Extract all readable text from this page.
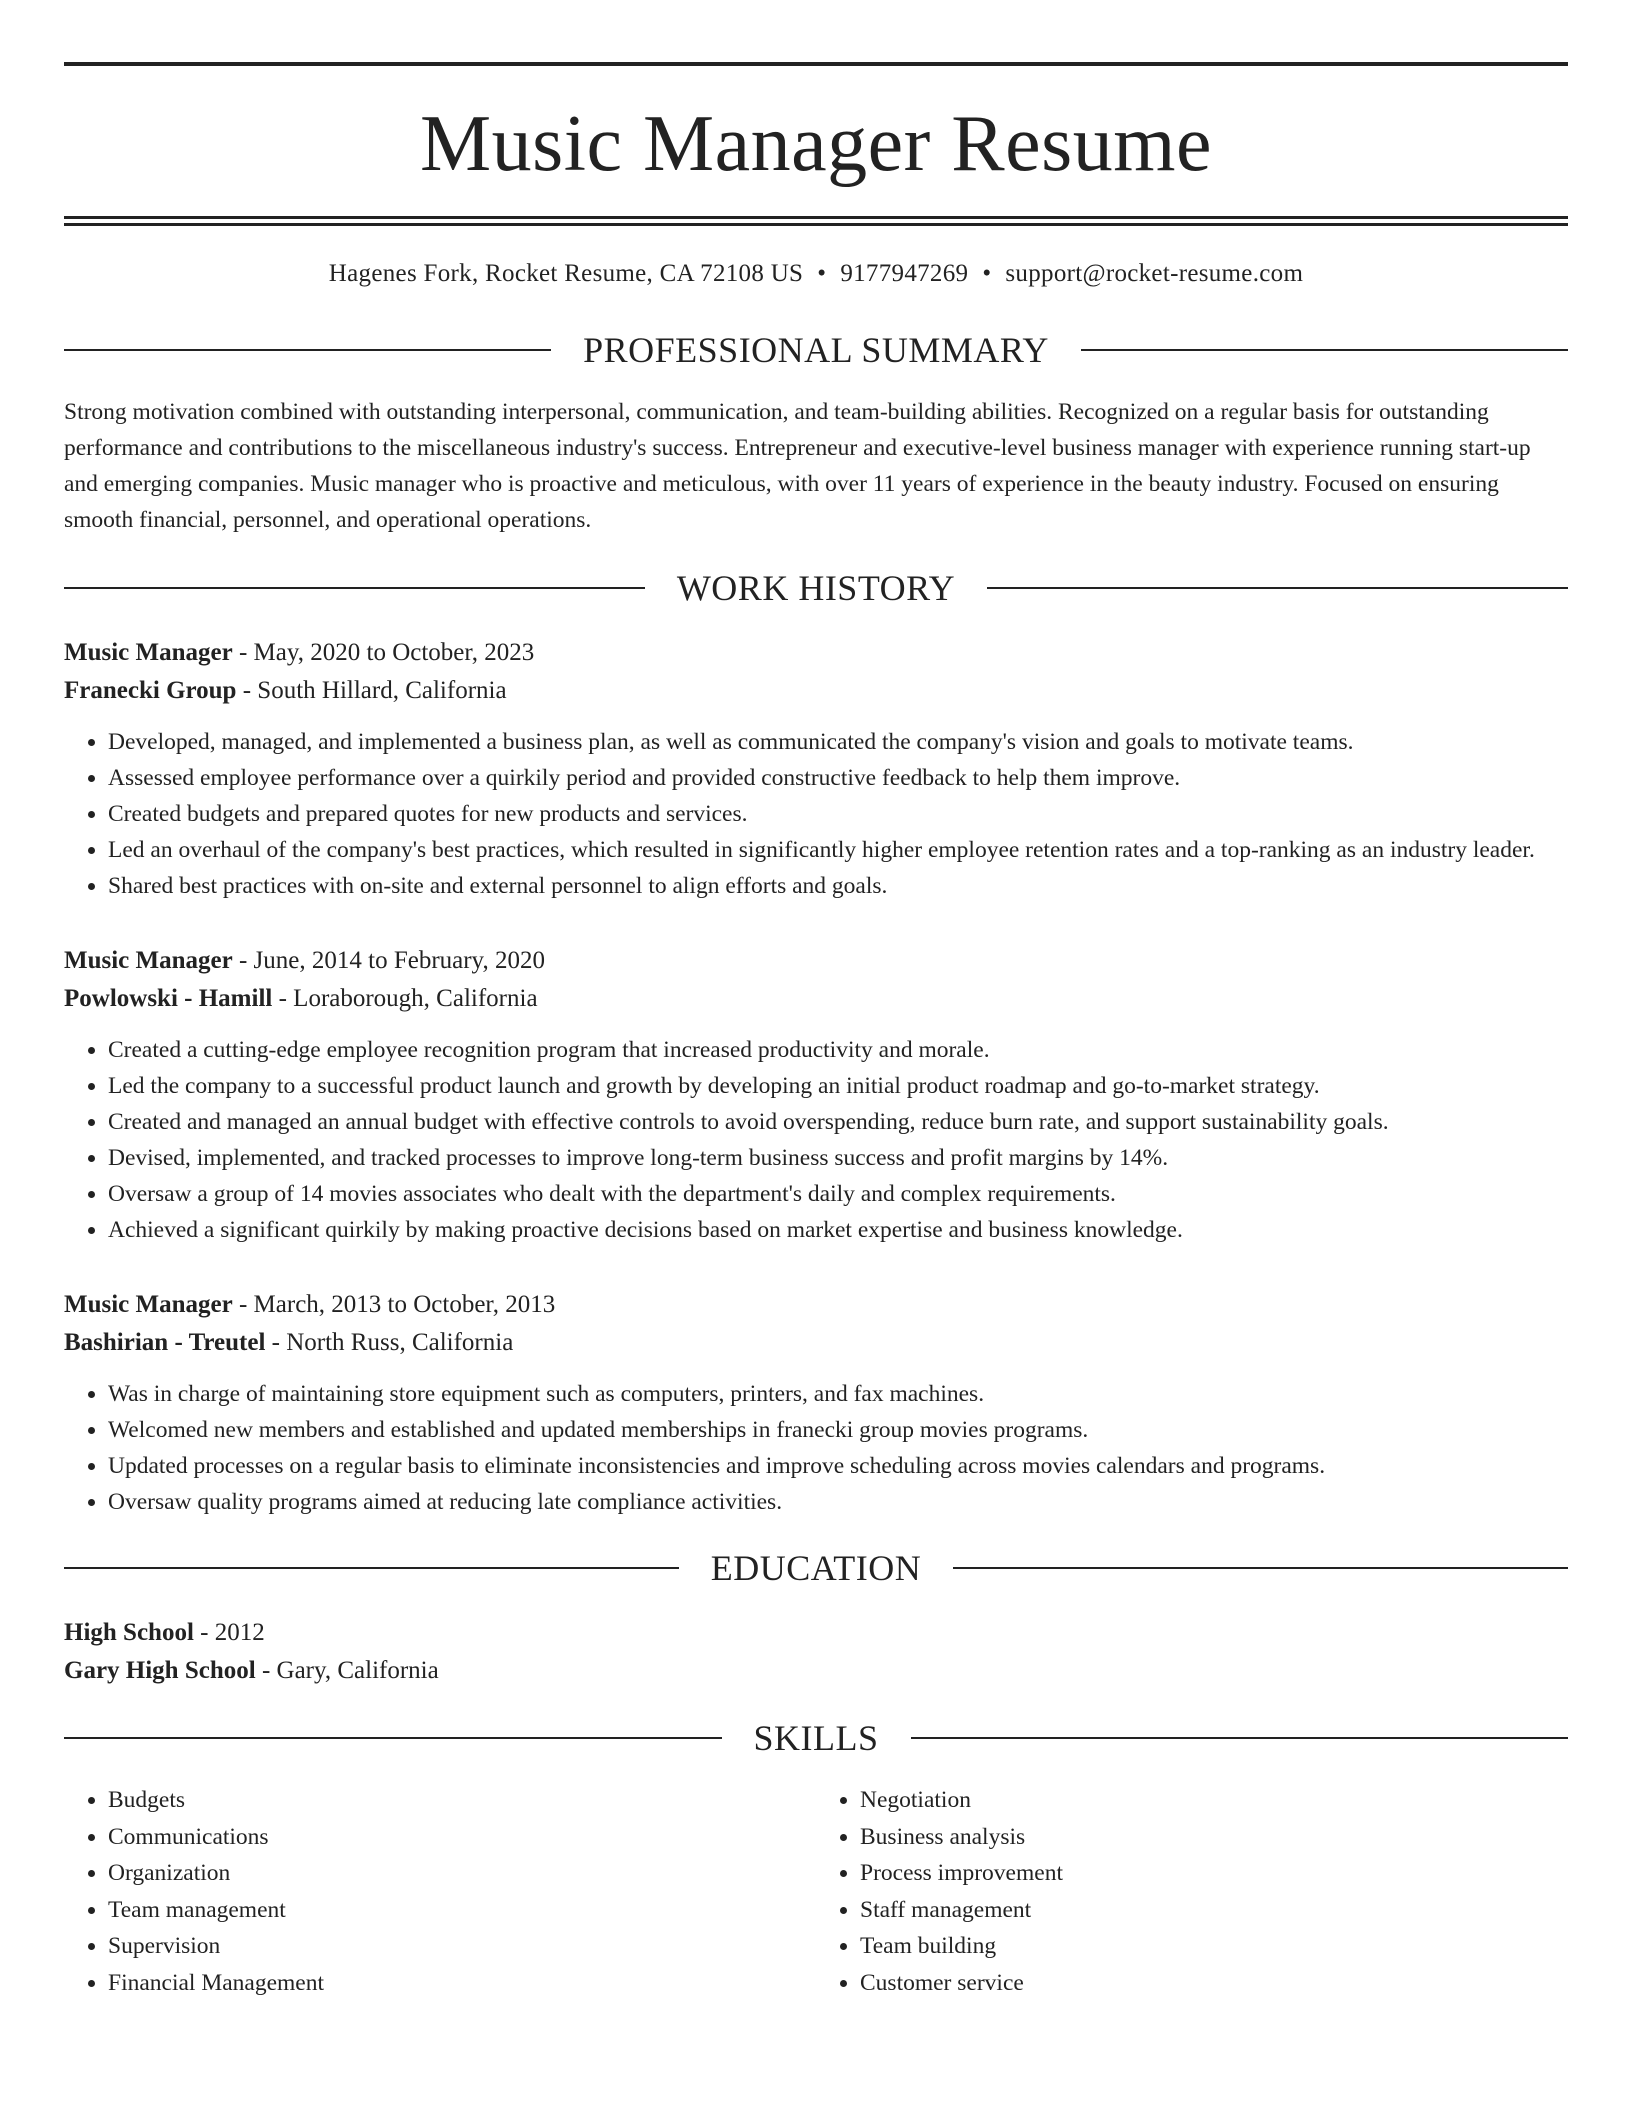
Music Manager Resume
Hagenes Fork, Rocket Resume, CA 72108 US • 9177947269 • support@rocket-resume.com
PROFESSIONAL SUMMARY
Strong motivation combined with outstanding interpersonal, communication, and team-building abilities. Recognized on a regular basis for outstanding performance and contributions to the miscellaneous industry's success. Entrepreneur and executive-level business manager with experience running start-up and emerging companies. Music manager who is proactive and meticulous, with over 11 years of experience in the beauty industry. Focused on ensuring smooth financial, personnel, and operational operations.
WORK HISTORY
Music Manager - May, 2020 to October, 2023
Franecki Group - South Hillard, California
• Developed, managed, and implemented a business plan, as well as communicated the company's vision and goals to motivate teams.
• Assessed employee performance over a quirkily period and provided constructive feedback to help them improve.
• Created budgets and prepared quotes for new products and services.
• Led an overhaul of the company's best practices, which resulted in significantly higher employee retention rates and a top-ranking as an industry leader.
• Shared best practices with on-site and external personnel to align efforts and goals.
Music Manager - June, 2014 to February, 2020
Powlowski - Hamill - Loraborough, California
• Created a cutting-edge employee recognition program that increased productivity and morale.
• Led the company to a successful product launch and growth by developing an initial product roadmap and go-to-market strategy.
• Created and managed an annual budget with effective controls to avoid overspending, reduce burn rate, and support sustainability goals.
• Devised, implemented, and tracked processes to improve long-term business success and profit margins by 14%.
• Oversaw a group of 14 movies associates who dealt with the department's daily and complex requirements.
• Achieved a significant quirkily by making proactive decisions based on market expertise and business knowledge.
Music Manager - March, 2013 to October, 2013
Bashirian - Treutel - North Russ, California
• Was in charge of maintaining store equipment such as computers, printers, and fax machines.
• Welcomed new members and established and updated memberships in franecki group movies programs.
• Updated processes on a regular basis to eliminate inconsistencies and improve scheduling across movies calendars and programs.
• Oversaw quality programs aimed at reducing late compliance activities.
EDUCATION
High School - 2012
Gary High School - Gary, California
SKILLS
• Budgets
• Communications
• Organization
• Team management
• Supervision
• Financial Management
• Negotiation
• Business analysis
• Process improvement
• Staff management
• Team building
• Customer service
